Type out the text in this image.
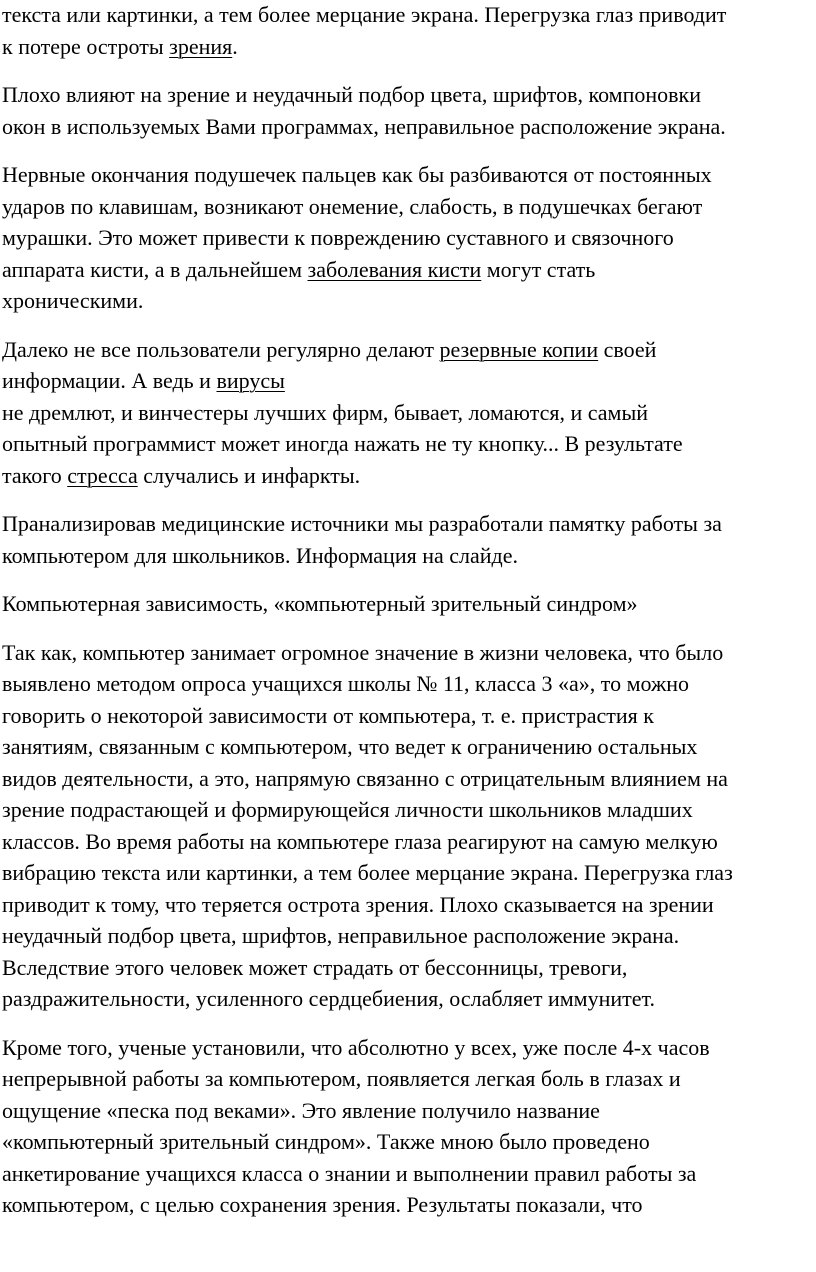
текста или картинки, а тем более мерцание экрана. Перегрузка глаз приводит
к потере остроты зрения.

Плохо влияют на зрение и неудачный подбор цвета, шрифтов, компоновки
окон в используемых Вами программах, неправильное расположение экрана.

Нервные окончания подушечек пальцев как бы разбиваются от постоянных
ударов по клавишам, возникают онемение, слабость, в подушечках бегают
мурашки. Это может привести к повреждению суставного и связочного
аппарата кисти, а в дальнейшем заболевания кисти могут стать
хроническими.

Далеко не все пользователи регулярно делают резервные копии своей
информации. А ведь и вирусы
не дремлют, и винчестеры лучших фирм, бывает, ломаются, и самый
опытный программист может иногда нажать не ту кнопку... В результате
такого стресса случались и инфаркты.

Пранализировав медицинские источники мы разработали памятку работы за
компьютером для школьников. Информация на слайде.

Компьютерная зависимость, «компьютерный зрительный синдром»

Так как, компьютер занимает огромное значение в жизни человека, что было
выявлено методом опроса учащихся школы № 11, класса 3 «а», то можно
говорить о некоторой зависимости от компьютера, т. е. пристрастия к
занятиям, связанным с компьютером, что ведет к ограничению остальных
видов деятельности, а это, напрямую связанно с отрицательным влиянием на
зрение подрастающей и формирующейся личности школьников младших
классов. Во время работы на компьютере глаза реагируют на самую мелкую
вибрацию текста или картинки, а тем более мерцание экрана. Перегрузка глаз
приводит к тому, что теряется острота зрения. Плохо сказывается на зрении
неудачный подбор цвета, шрифтов, неправильное расположение экрана.
Вследствие этого человек может страдать от бессонницы, тревоги,
раздражительности, усиленного сердцебиения, ослабляет иммунитет.

Кроме того, ученые установили, что абсолютно у всех, уже после 4-х часов
непрерывной работы за компьютером, появляется легкая боль в глазах и
ощущение «песка под веками». Это явление получило название
«компьютерный зрительный синдром». Также мною было проведено
анкетирование учащихся класса о знании и выполнении правил работы за
компьютером, с целью сохранения зрения. Результаты показали, что
